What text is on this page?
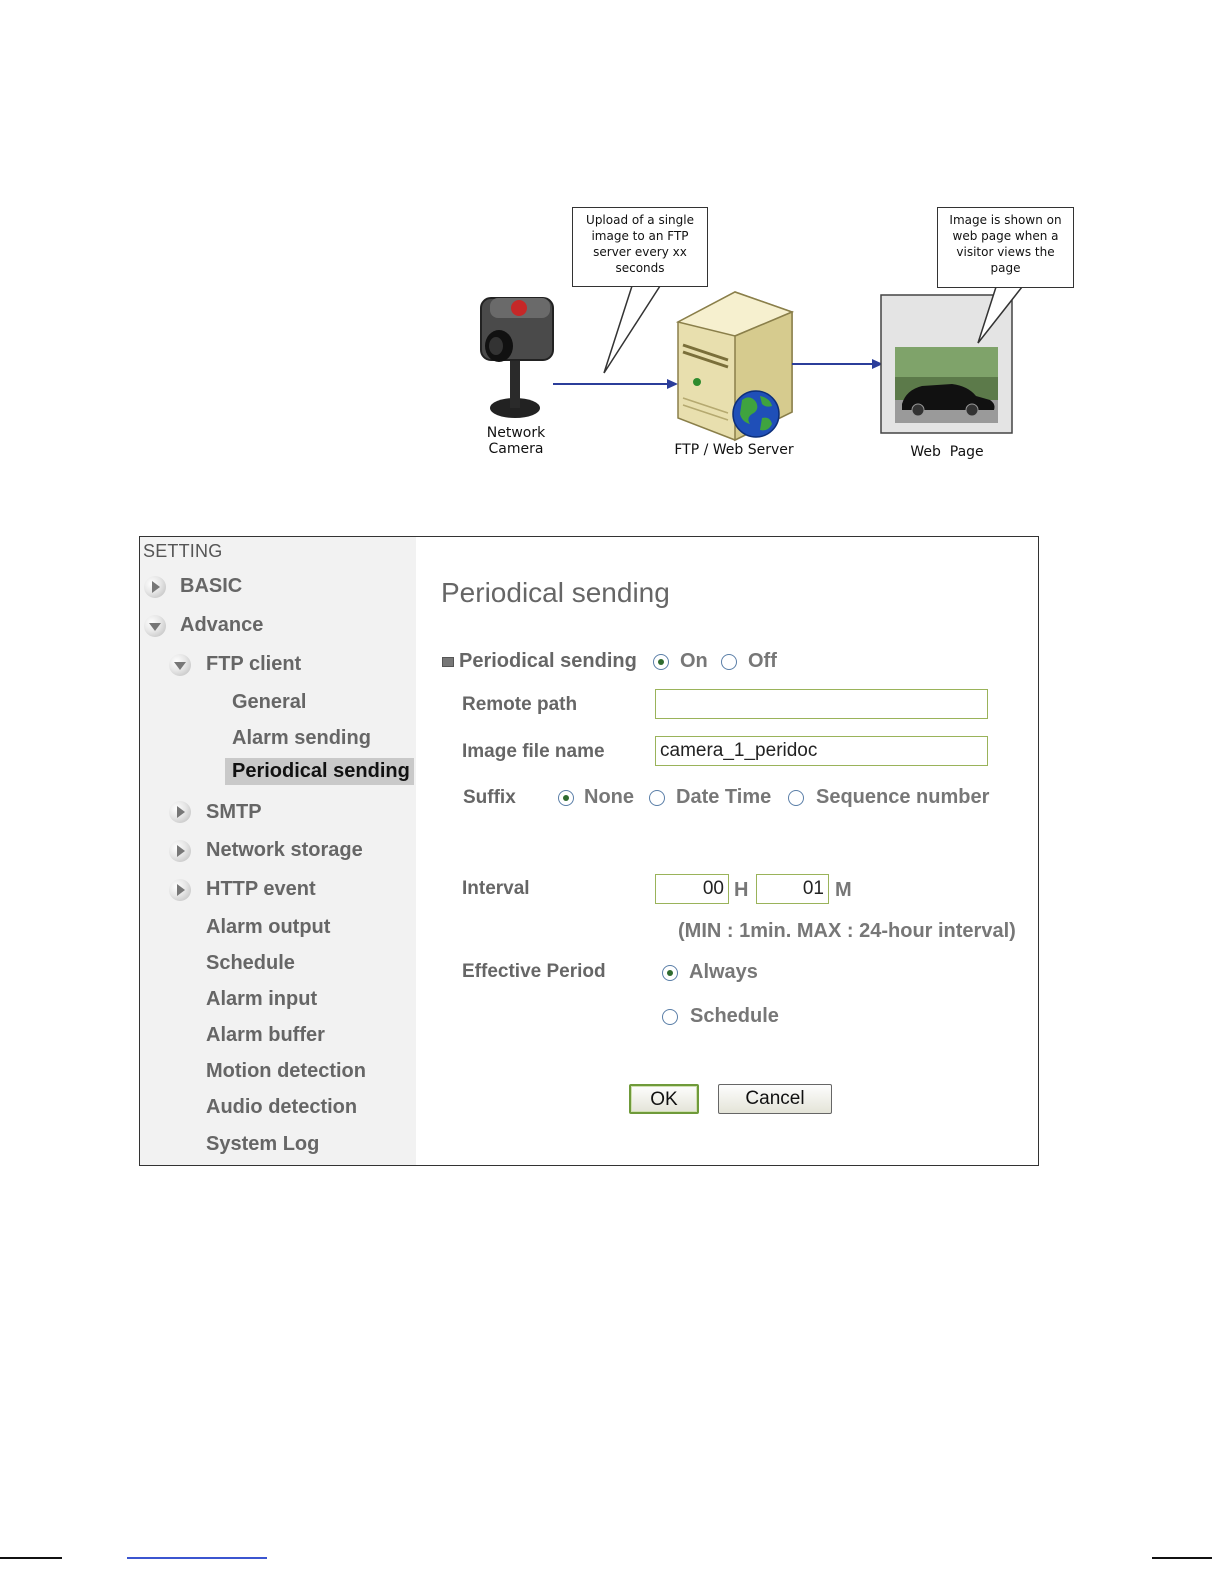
Upload of a single
image to an FTP
server every xx
seconds
Image is shown on
web page when a
visitor views the
page
Network
Camera	FTP / Web Server	Web  Page
SETTING
BASIC
Advance
FTP client
General
Alarm sending
Periodical sending
SMTP
Network storage
HTTP event
Alarm output
Schedule
Alarm input
Alarm buffer
Motion detection
Audio detection
System Log
Periodical sending
Periodical sending On Off
Remote path
Image file name	camera_1_peridoc
Suffix	None Date Time Sequence number
Interval	00 H	01 M
(MIN : 1min. MAX : 24-hour interval)
Effective Period	Always
Schedule
OK	Cancel
